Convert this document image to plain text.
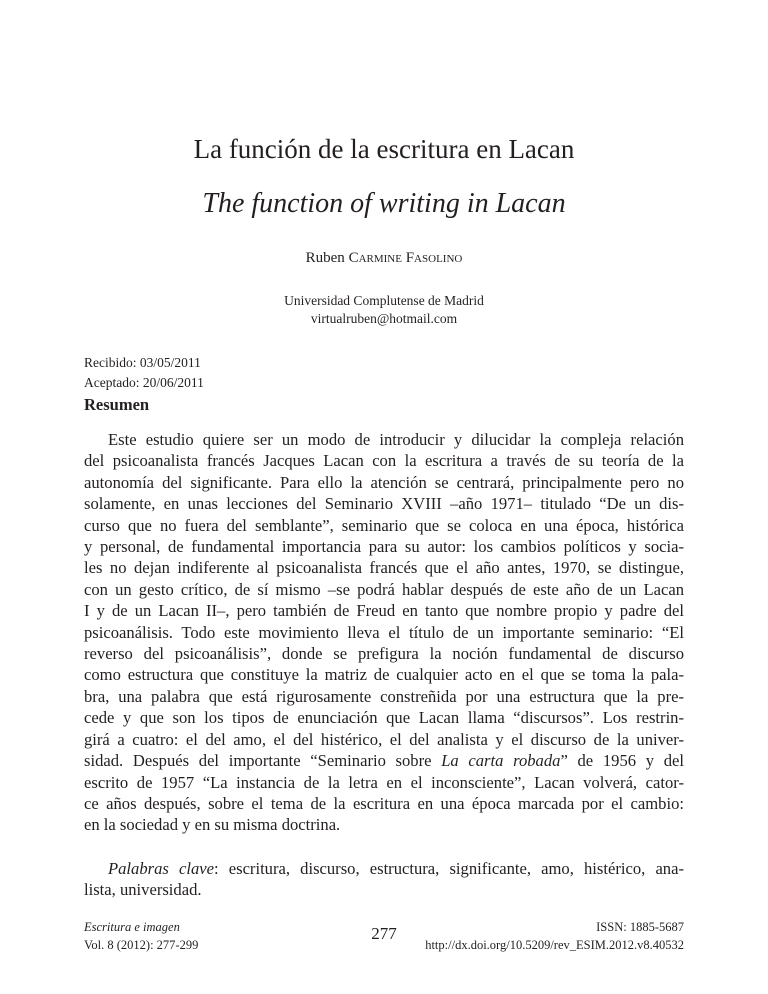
La función de la escritura en Lacan
The function of writing in Lacan
Ruben Carmine Fasolino
Universidad Complutense de Madrid
virtualruben@hotmail.com
Recibido: 03/05/2011
Aceptado: 20/06/2011
Resumen
Este estudio quiere ser un modo de introducir y dilucidar la compleja relación
del psicoanalista francés Jacques Lacan con la escritura a través de su teoría de la
autonomía del significante. Para ello la atención se centrará, principalmente pero no
solamente, en unas lecciones del Seminario XVIII –año 1971– titulado “De un dis-
curso que no fuera del semblante”, seminario que se coloca en una época, histórica
y personal, de fundamental importancia para su autor: los cambios políticos y socia-
les no dejan indiferente al psicoanalista francés que el año antes, 1970, se distingue,
con un gesto crítico, de sí mismo –se podrá hablar después de este año de un Lacan
I y de un Lacan II–, pero también de Freud en tanto que nombre propio y padre del
psicoanálisis. Todo este movimiento lleva el título de un importante seminario: “El
reverso del psicoanálisis”, donde se prefigura la noción fundamental de discurso
como estructura que constituye la matriz de cualquier acto en el que se toma la pala-
bra, una palabra que está rigurosamente constreñida por una estructura que la pre-
cede y que son los tipos de enunciación que Lacan llama “discursos”. Los restrin-
girá a cuatro: el del amo, el del histérico, el del analista y el discurso de la univer-
sidad. Después del importante “Seminario sobre La carta robada” de 1956 y del
escrito de 1957 “La instancia de la letra en el inconsciente”, Lacan volverá, cator-
ce años después, sobre el tema de la escritura en una época marcada por el cambio:
en la sociedad y en su misma doctrina.
Palabras clave: escritura, discurso, estructura, significante, amo, histérico, ana-
lista, universidad.
Escritura e imagen
Vol. 8 (2012): 277-299
277	ISSN: 1885-5687
http://dx.doi.org/10.5209/rev_ESIM.2012.v8.40532
